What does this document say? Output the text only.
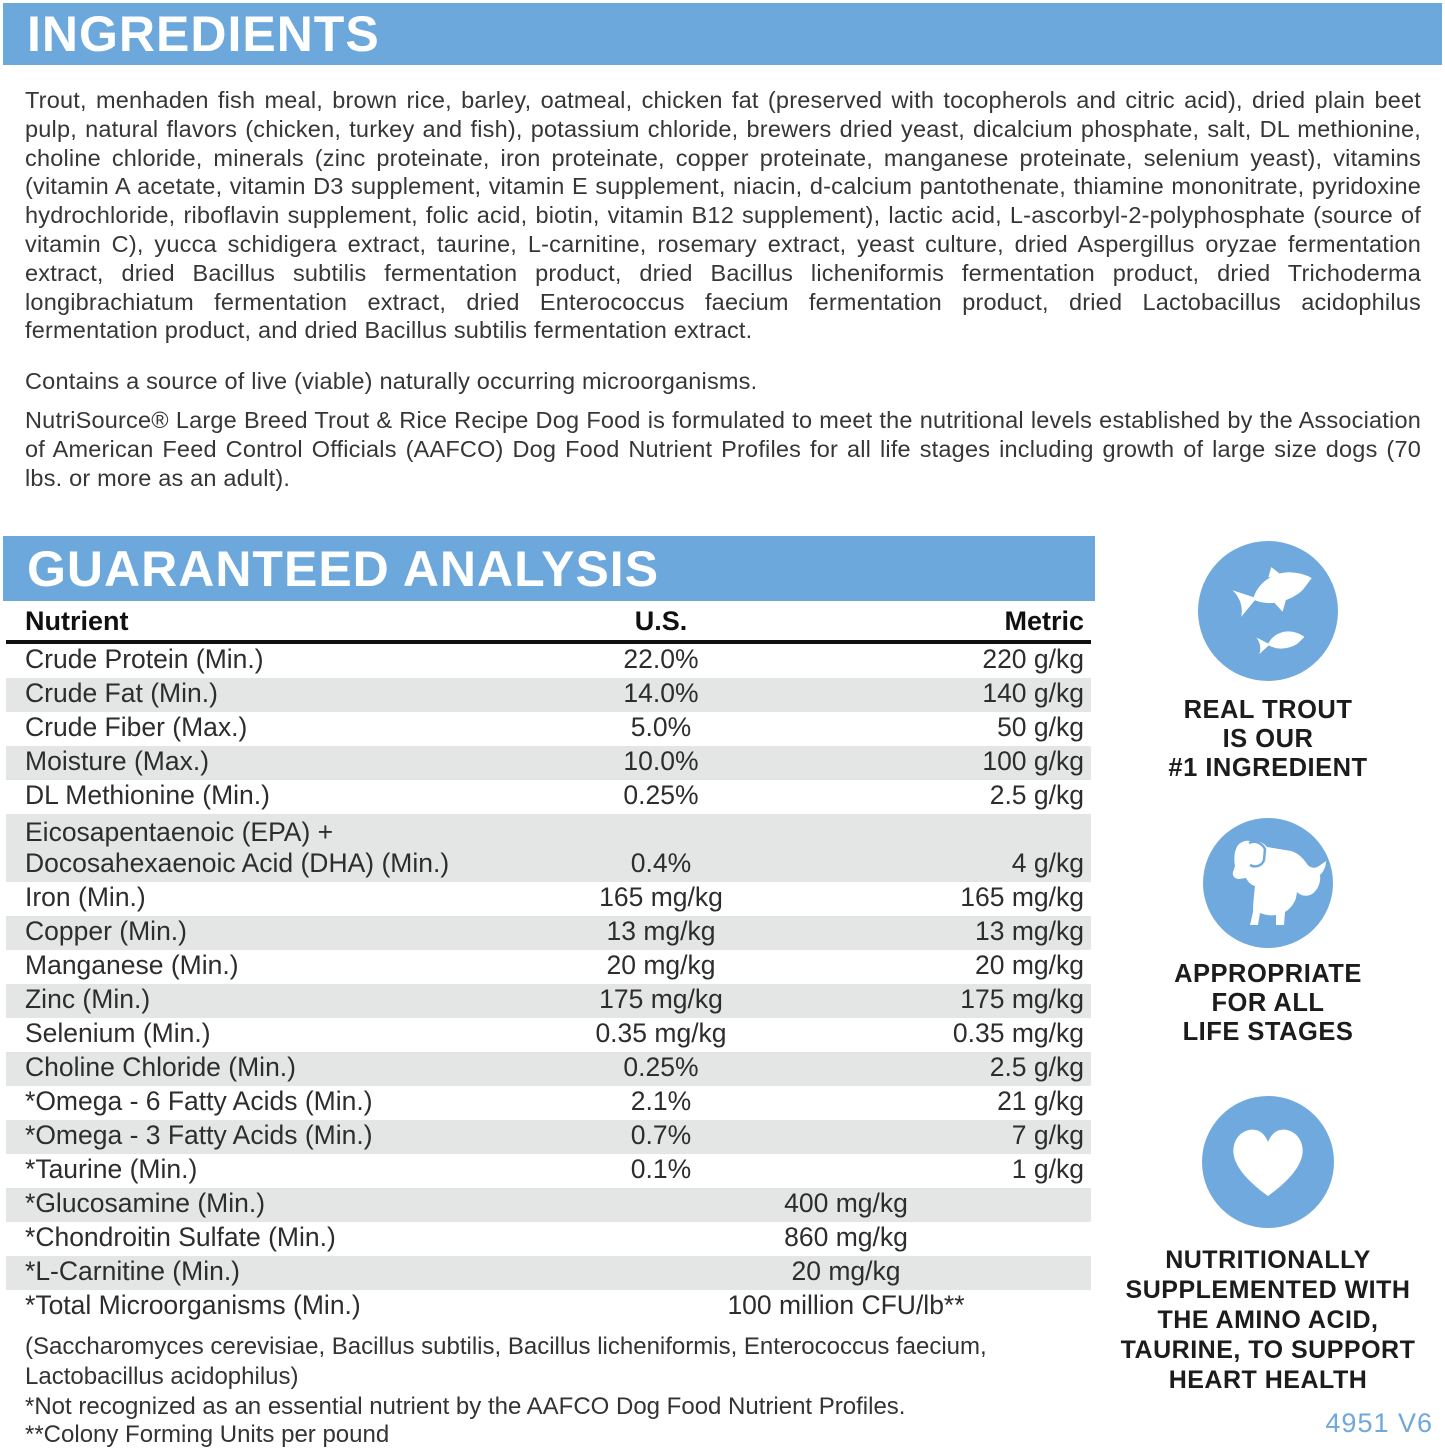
INGREDIENTS
Trout, menhaden fish meal, brown rice, barley, oatmeal, chicken fat (preserved with tocopherols and citric acid), dried plain beet pulp, natural flavors (chicken, turkey and fish), potassium chloride, brewers dried yeast, dicalcium phosphate, salt, DL methionine, choline chloride, minerals (zinc proteinate, iron proteinate, copper proteinate, manganese proteinate, selenium yeast), vitamins (vitamin A acetate, vitamin D3 supplement, vitamin E supplement, niacin, d-calcium pantothenate, thiamine mononitrate, pyridoxine hydrochloride, riboflavin supplement, folic acid, biotin, vitamin B12 supplement), lactic acid, L-ascorbyl-2-polyphosphate (source of vitamin C), yucca schidigera extract, taurine, L-carnitine, rosemary extract, yeast culture, dried Aspergillus oryzae fermentation extract, dried Bacillus subtilis fermentation product, dried Bacillus licheniformis fermentation product, dried Trichoderma longibrachiatum fermentation extract, dried Enterococcus faecium fermentation product, dried Lactobacillus acidophilus fermentation product, and dried Bacillus subtilis fermentation extract.
Contains a source of live (viable) naturally occurring microorganisms.
NutriSource® Large Breed Trout & Rice Recipe Dog Food is formulated to meet the nutritional levels established by the Association of American Feed Control Officials (AAFCO) Dog Food Nutrient Profiles for all life stages including growth of large size dogs (70 lbs. or more as an adult).
GUARANTEED ANALYSIS
Nutrient	U.S.	Metric
Crude Protein (Min.)	22.0%	220 g/kg
Crude Fat (Min.)	14.0%	140 g/kg
Crude Fiber (Max.)	5.0%	50 g/kg
Moisture (Max.)	10.0%	100 g/kg
DL Methionine (Min.)	0.25%	2.5 g/kg
Eicosapentaenoic (EPA) +
Docosahexaenoic Acid (DHA) (Min.)	0.4%	4 g/kg
Iron (Min.)	165 mg/kg	165 mg/kg
Copper (Min.)	13 mg/kg	13 mg/kg
Manganese (Min.)	20 mg/kg	20 mg/kg
Zinc (Min.)	175 mg/kg	175 mg/kg
Selenium (Min.)	0.35 mg/kg	0.35 mg/kg
Choline Chloride (Min.)	0.25%	2.5 g/kg
*Omega - 6 Fatty Acids (Min.)	2.1%	21 g/kg
*Omega - 3 Fatty Acids (Min.)	0.7%	7 g/kg
*Taurine (Min.)	0.1%	1 g/kg
*Glucosamine (Min.)	400 mg/kg
*Chondroitin Sulfate (Min.)	860 mg/kg
*L-Carnitine (Min.)	20 mg/kg
*Total Microorganisms (Min.)	100 million CFU/lb**
(Saccharomyces cerevisiae, Bacillus subtilis, Bacillus licheniformis, Enterococcus faecium, Lactobacillus acidophilus)
*Not recognized as an essential nutrient by the AAFCO Dog Food Nutrient Profiles.
**Colony Forming Units per pound
REAL TROUT
IS OUR
#1 INGREDIENT
APPROPRIATE
FOR ALL
LIFE STAGES
NUTRITIONALLY
SUPPLEMENTED WITH
THE AMINO ACID,
TAURINE, TO SUPPORT
HEART HEALTH
4951 V6
